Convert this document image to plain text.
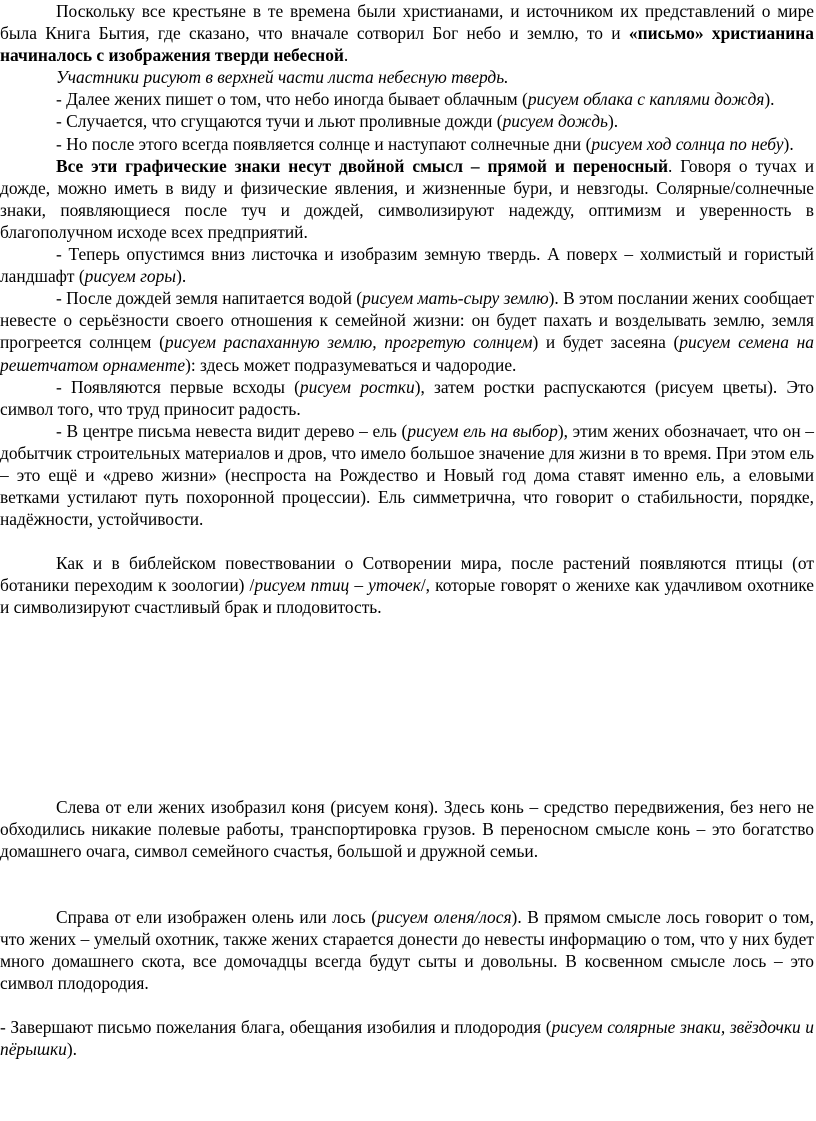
Поскольку все крестьяне в те времена были христианами, и источником их представлений о мире была Книга Бытия, где сказано, что вначале сотворил Бог небо и землю, то и «письмо» христианина начиналось с изображения тверди небесной.

Участники рисуют в верхней части листа небесную твердь.

- Далее жених пишет о том, что небо иногда бывает облачным (рисуем облака с каплями дождя).

- Случается, что сгущаются тучи и льют проливные дожди (рисуем дождь).

- Но после этого всегда появляется солнце и наступают солнечные дни (рисуем ход солнца по небу).

Все эти графические знаки несут двойной смысл – прямой и переносный. Говоря о тучах и дожде, можно иметь в виду и физические явления, и жизненные бури, и невзгоды. Солярные/солнечные знаки, появляющиеся после туч и дождей, символизируют надежду, оптимизм и уверенность в благополучном исходе всех предприятий.

- Теперь опустимся вниз листочка и изобразим земную твердь. А поверх – холмистый и гористый ландшафт (рисуем горы).

- После дождей земля напитается водой (рисуем мать-сыру землю). В этом послании жених сообщает невесте о серьёзности своего отношения к семейной жизни: он будет пахать и возделывать землю, земля прогреется солнцем (рисуем распаханную землю, прогретую солнцем) и будет засеяна (рисуем семена на решетчатом орнаменте): здесь может подразумеваться и чадородие.

- Появляются первые всходы (рисуем ростки), затем ростки распускаются (рисуем цветы). Это символ того, что труд приносит радость.

- В центре письма невеста видит дерево – ель (рисуем ель на выбор), этим жених обозначает, что он – добытчик строительных материалов и дров, что имело большое значение для жизни в то время. При этом ель – это ещё и «древо жизни» (неспроста на Рождество и Новый год дома ставят именно ель, а еловыми ветками устилают путь похоронной процессии). Ель симметрична, что говорит о стабильности, порядке, надёжности, устойчивости.

Как и в библейском повествовании о Сотворении мира, после растений появляются птицы (от ботаники переходим к зоологии) /рисуем птиц – уточек/, которые говорят о женихе как удачливом охотнике и символизируют счастливый брак и плодовитость.

Слева от ели жених изобразил коня (рисуем коня). Здесь конь – средство передвижения, без него не обходились никакие полевые работы, транспортировка грузов. В переносном смысле конь – это богатство домашнего очага, символ семейного счастья, большой и дружной семьи.

Справа от ели изображен олень или лось (рисуем оленя/лося). В прямом смысле лось говорит о том, что жених – умелый охотник, также жених старается донести до невесты информацию о том, что у них будет много домашнего скота, все домочадцы всегда будут сыты и довольны. В косвенном смысле лось – это символ плодородия.

- Завершают письмо пожелания блага, обещания изобилия и плодородия (рисуем солярные знаки, звёздочки и пёрышки).
